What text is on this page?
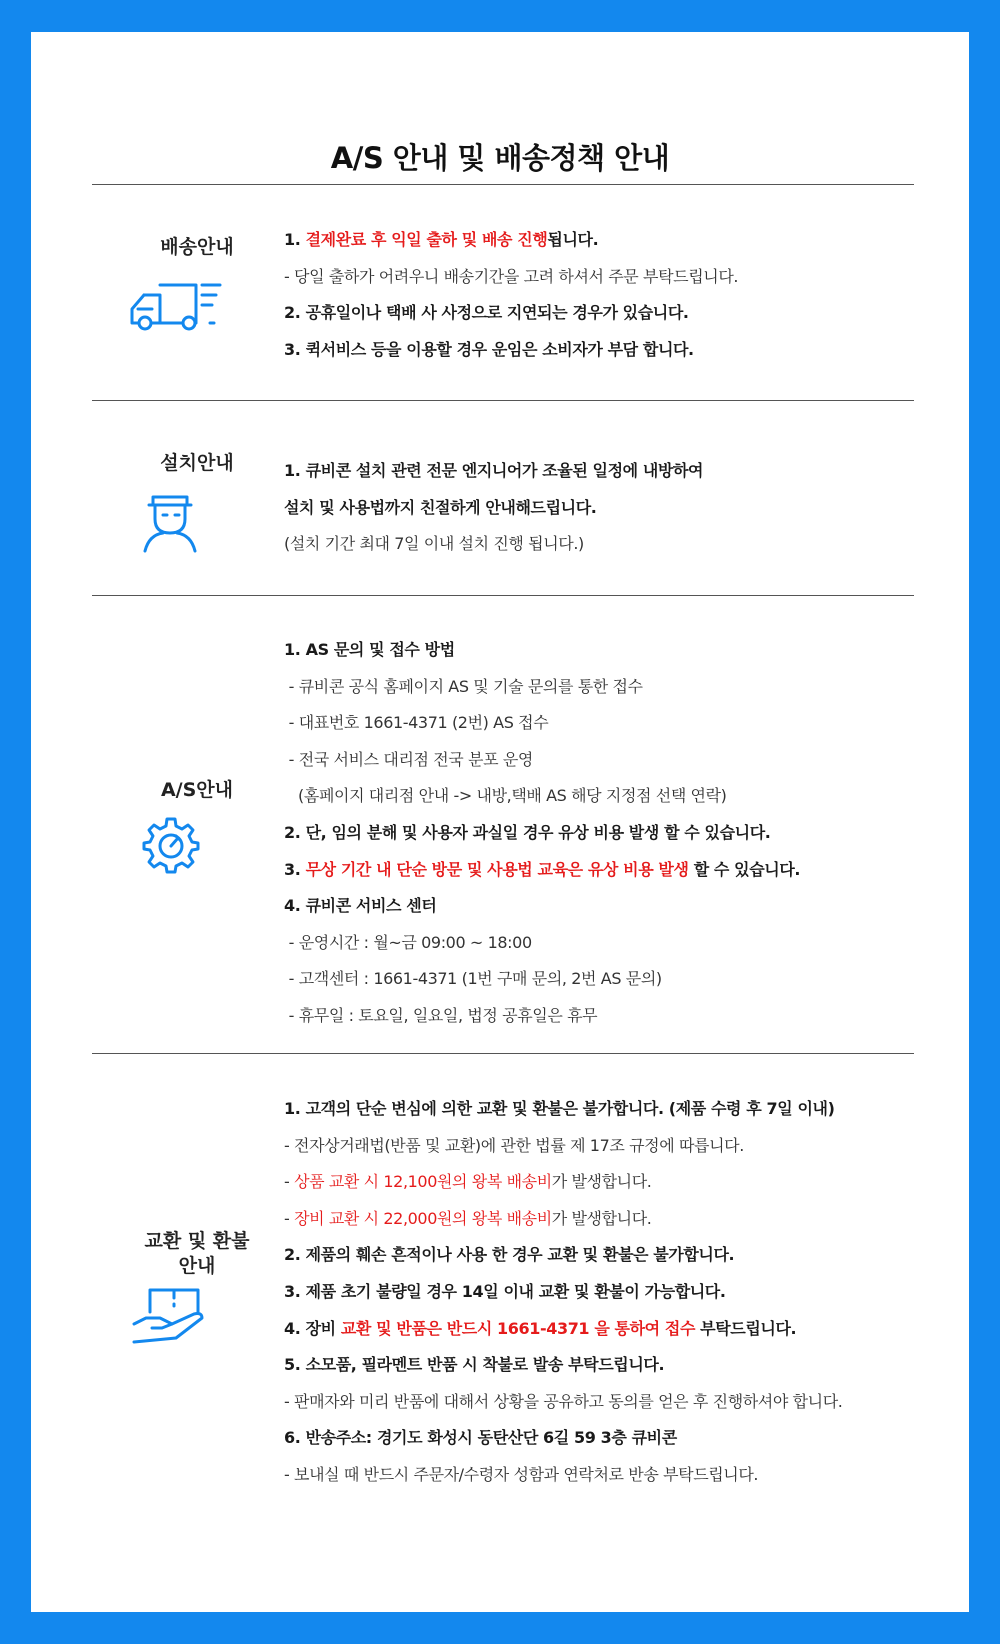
A/S 안내 및 배송정책 안내
배송안내	1. 결제완료 후 익일 출하 및 배송 진행됩니다.
- 당일 출하가 어려우니 배송기간을 고려 하셔서 주문 부탁드립니다.
2. 공휴일이나 택배 사 사정으로 지연되는 경우가 있습니다.
3. 퀵서비스 등을 이용할 경우 운임은 소비자가 부담 합니다.
설치안내	1. 큐비콘 설치 관련 전문 엔지니어가 조율된 일정에 내방하여
설치 및 사용법까지 친절하게 안내해드립니다.
(설치 기간 최대 7일 이내 설치 진행 됩니다.)
A/S안내
1. AS 문의 및 접수 방법
- 큐비콘 공식 홈페이지 AS 및 기술 문의를 통한 접수
- 대표번호 1661-4371 (2번) AS 접수
- 전국 서비스 대리점 전국 분포 운영
(홈페이지 대리점 안내 -> 내방,택배 AS 해당 지정점 선택 연락)
2. 단, 임의 분해 및 사용자 과실일 경우 유상 비용 발생 할 수 있습니다.
3. 무상 기간 내 단순 방문 및 사용법 교육은 유상 비용 발생 할 수 있습니다.
4. 큐비콘 서비스 센터
- 운영시간 : 월~금 09:00 ~ 18:00
- 고객센터 : 1661-4371 (1번 구매 문의, 2번 AS 문의)
- 휴무일 : 토요일, 일요일, 법정 공휴일은 휴무
교환 및 환불
안내
1. 고객의 단순 변심에 의한 교환 및 환불은 불가합니다. (제품 수령 후 7일 이내)
- 전자상거래법(반품 및 교환)에 관한 법률 제 17조 규정에 따릅니다.
- 상품 교환 시 12,100원의 왕복 배송비가 발생합니다.
- 장비 교환 시 22,000원의 왕복 배송비가 발생합니다.
2. 제품의 훼손 흔적이나 사용 한 경우 교환 및 환불은 불가합니다.
3. 제품 초기 불량일 경우 14일 이내 교환 및 환불이 가능합니다.
4. 장비 교환 및 반품은 반드시 1661-4371 을 통하여 접수 부탁드립니다.
5. 소모품, 필라멘트 반품 시 착불로 발송 부탁드립니다.
- 판매자와 미리 반품에 대해서 상황을 공유하고 동의를 얻은 후 진행하셔야 합니다.
6. 반송주소: 경기도 화성시 동탄산단 6길 59 3층 큐비콘
- 보내실 때 반드시 주문자/수령자 성함과 연락처로 반송 부탁드립니다.
